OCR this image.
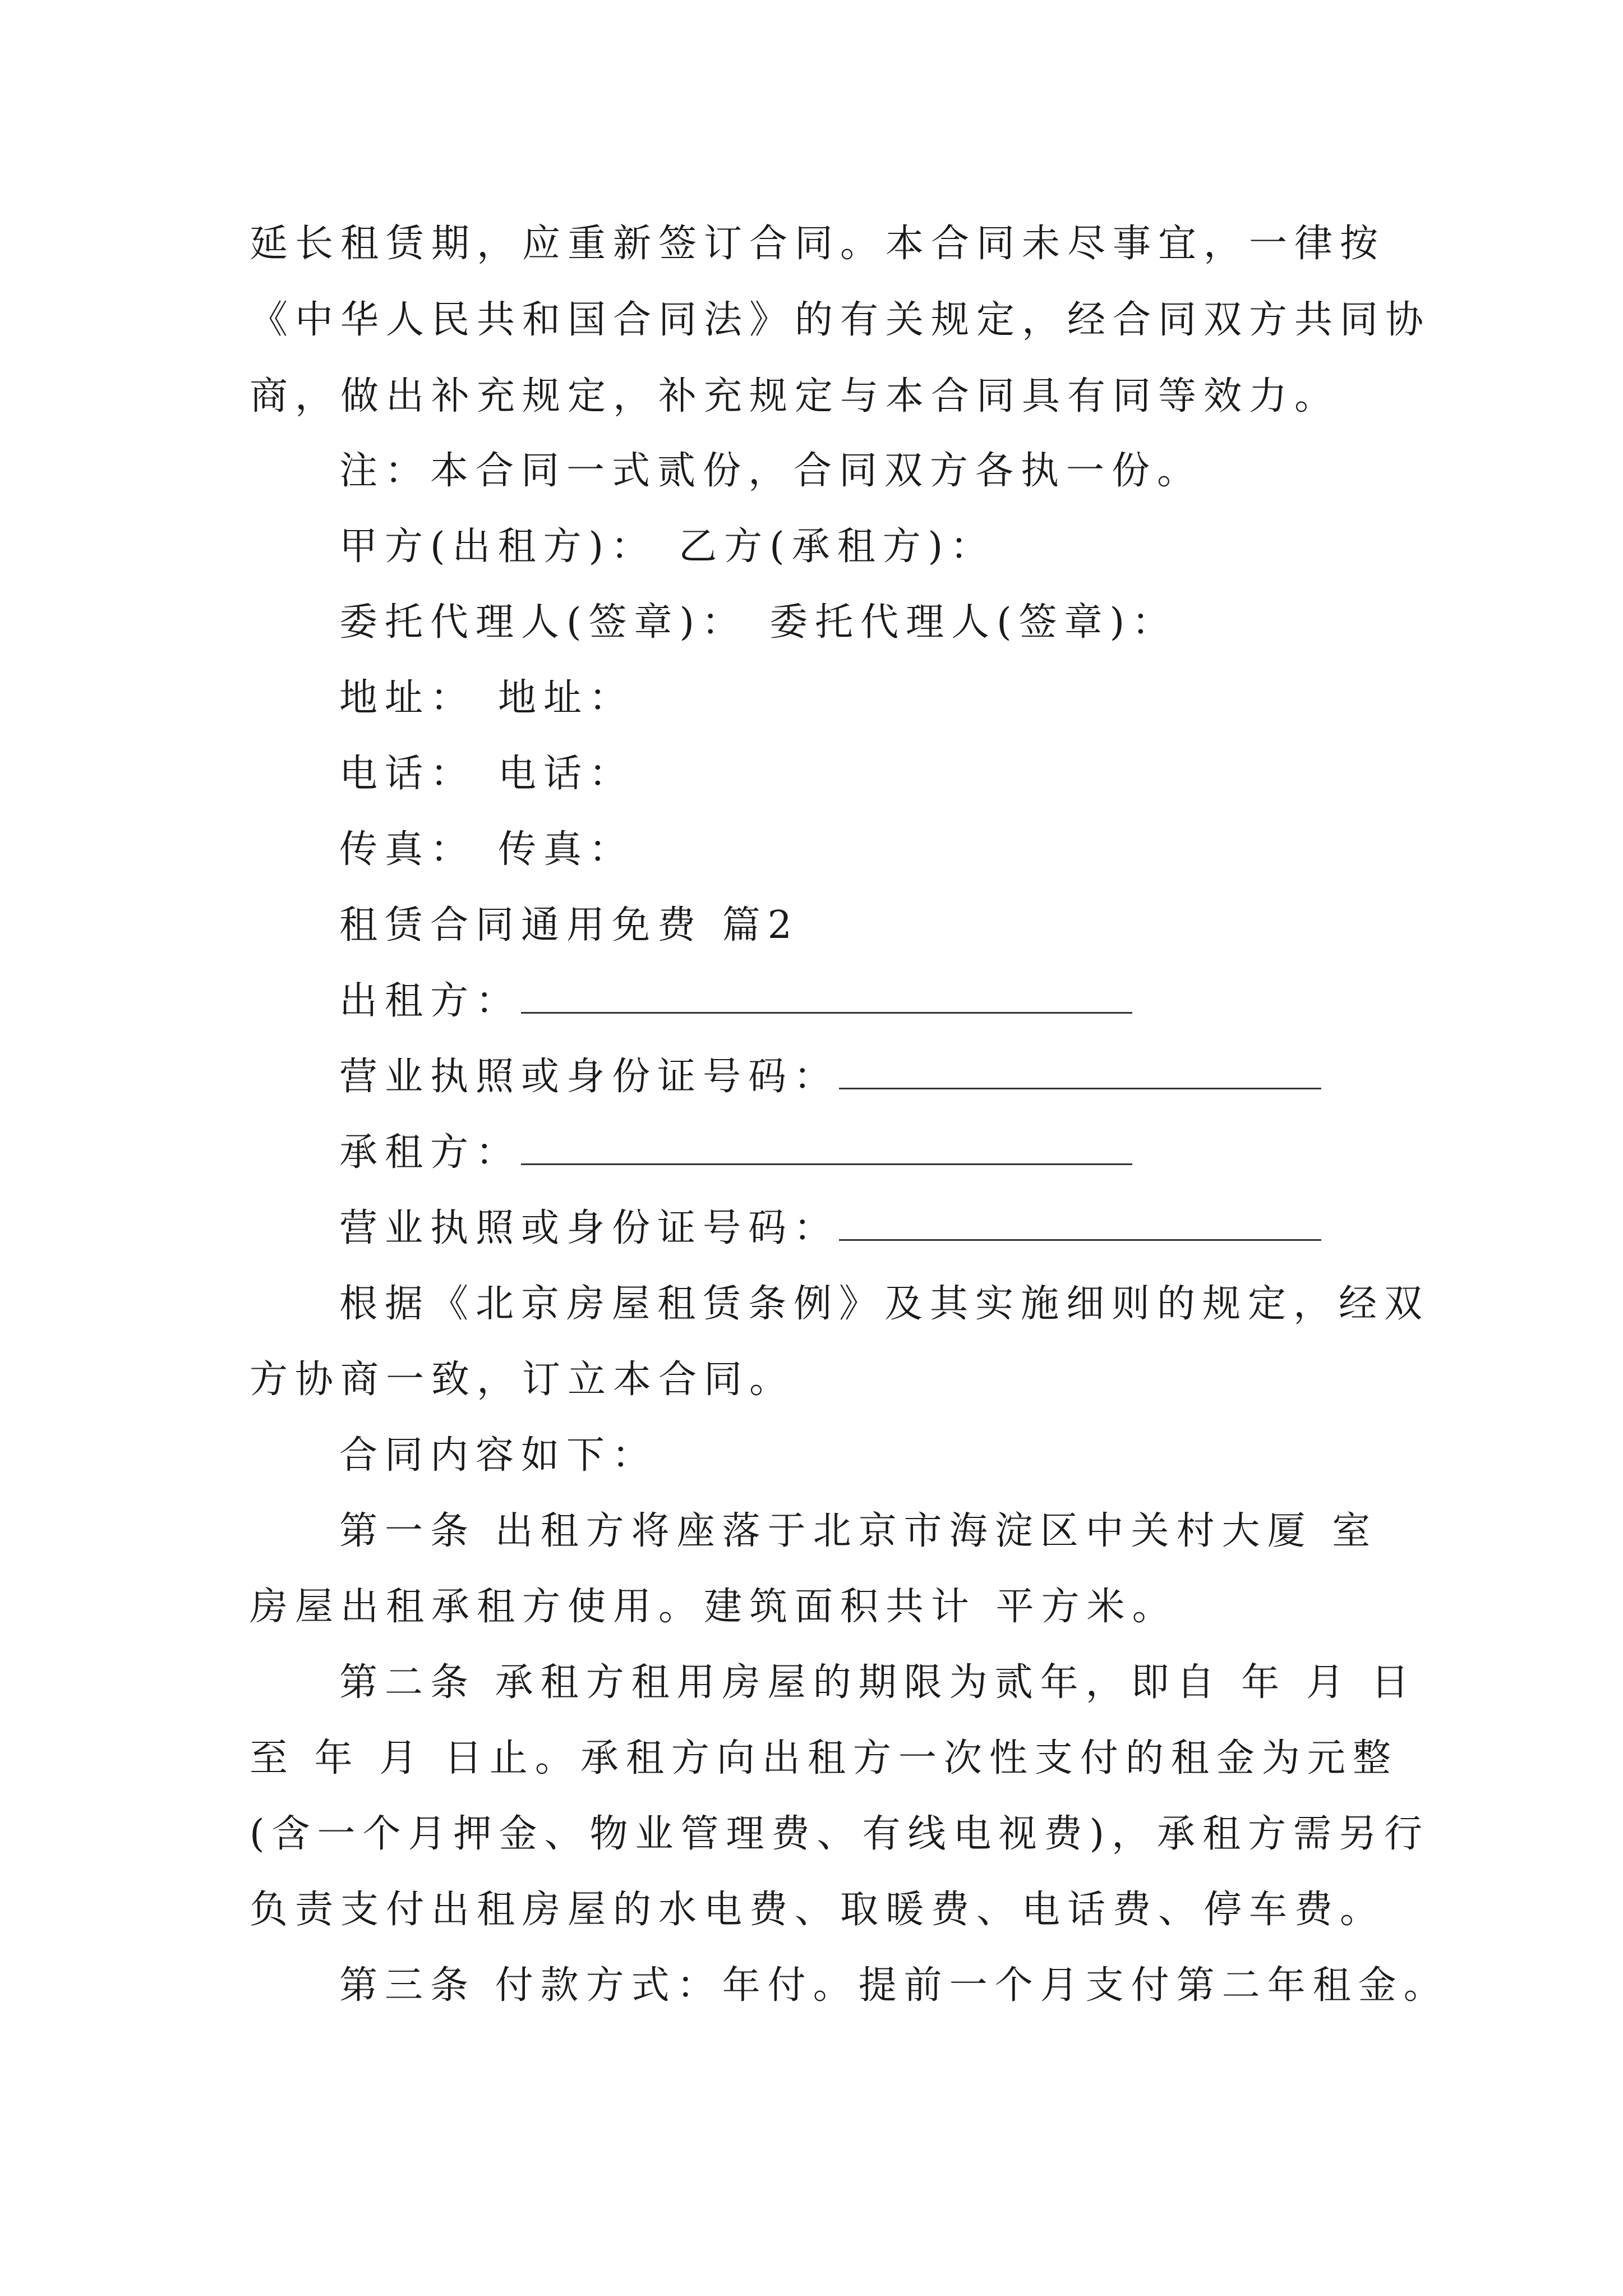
延长租赁期，应重新签订合同。本合同未尽事宜，一律按
《中华人民共和国合同法》的有关规定，经合同双方共同协
商，做出补充规定，补充规定与本合同具有同等效力。
注：本合同一式贰份，合同双方各执一份。
甲方(出租方)： 乙方(承租方)：
委托代理人(签章)： 委托代理人(签章)：
地址： 地址：
电话： 电话：
传真： 传真：
租赁合同通用免费 篇2
出租方：
营业执照或身份证号码：
承租方：
营业执照或身份证号码：
根据《北京房屋租赁条例》及其实施细则的规定，经双
方协商一致，订立本合同。
合同内容如下：
第一条 出租方将座落于北京市海淀区中关村大厦 室
房屋出租承租方使用。建筑面积共计 平方米。
第二条 承租方租用房屋的期限为贰年，即自 年 月 日
至 年 月 日止。承租方向出租方一次性支付的租金为元整
(含一个月押金、物业管理费、有线电视费)，承租方需另行
负责支付出租房屋的水电费、取暖费、电话费、停车费。
第三条 付款方式：年付。提前一个月支付第二年租金。
